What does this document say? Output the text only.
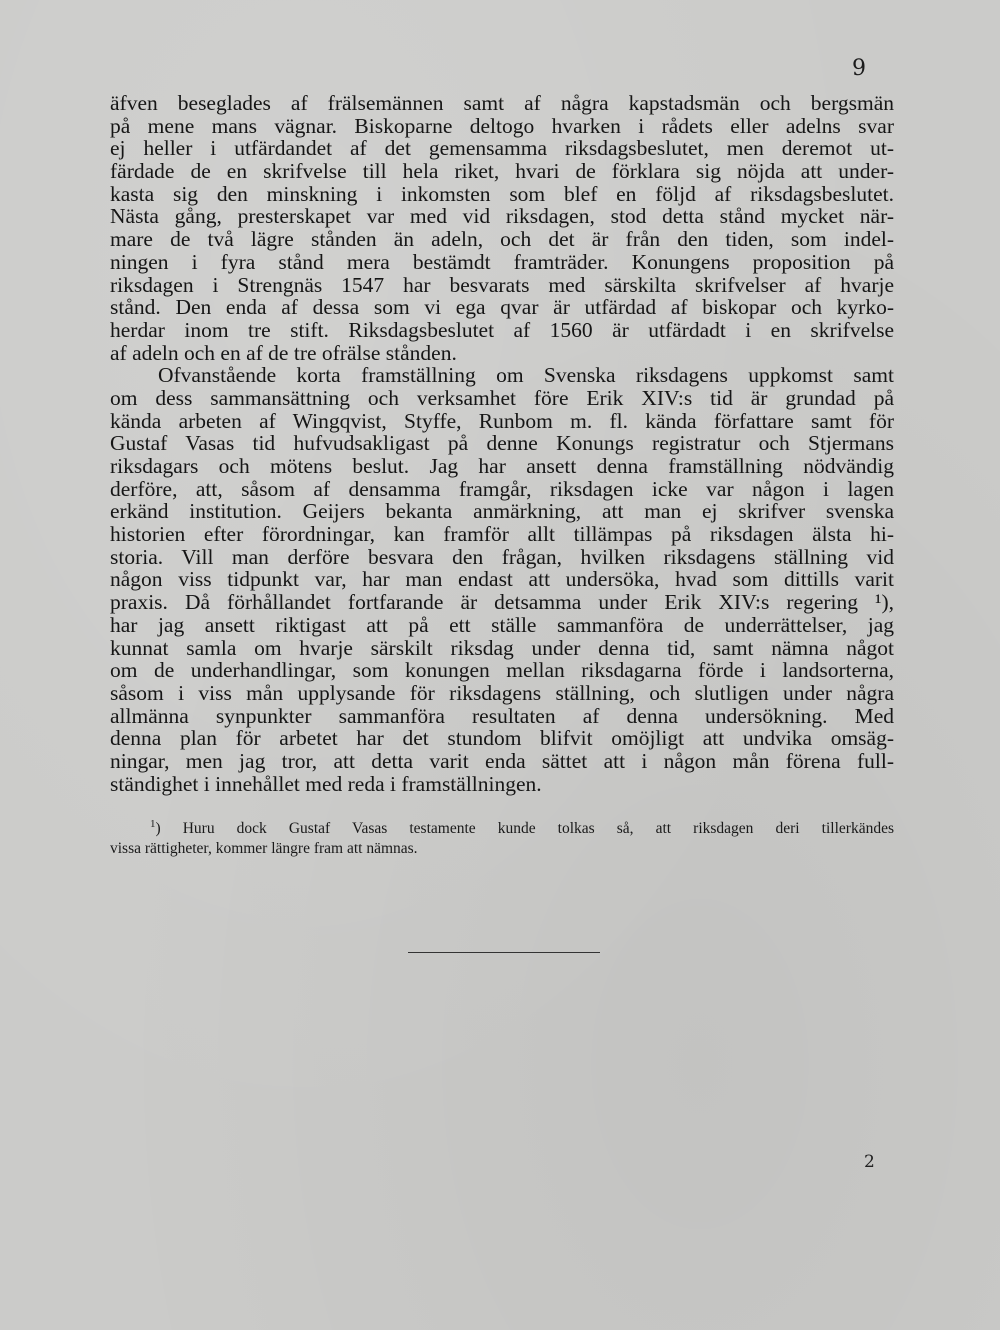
9
äfven beseglades af frälsemännen samt af några kapstadsmän och bergsmän
på mene mans vägnar. Biskoparne deltogo hvarken i rådets eller adelns svar
ej heller i utfärdandet af det gemensamma riksdagsbeslutet, men deremot ut-
färdade de en skrifvelse till hela riket, hvari de förklara sig nöjda att under-
kasta sig den minskning i inkomsten som blef en följd af riksdagsbeslutet.
Nästa gång, presterskapet var med vid riksdagen, stod detta stånd mycket när-
mare de två lägre stånden än adeln, och det är från den tiden, som indel-
ningen i fyra stånd mera bestämdt framträder. Konungens proposition på
riksdagen i Strengnäs 1547 har besvarats med särskilta skrifvelser af hvarje
stånd. Den enda af dessa som vi ega qvar är utfärdad af biskopar och kyrko-
herdar inom tre stift. Riksdagsbeslutet af 1560 är utfärdadt i en skrifvelse
af adeln och en af de tre ofrälse stånden.
Ofvanstående korta framställning om Svenska riksdagens uppkomst samt
om dess sammansättning och verksamhet före Erik XIV:s tid är grundad på
kända arbeten af Wingqvist, Styffe, Runbom m. fl. kända författare samt för
Gustaf Vasas tid hufvudsakligast på denne Konungs registratur och Stjermans
riksdagars och mötens beslut. Jag har ansett denna framställning nödvändig
derföre, att, såsom af densamma framgår, riksdagen icke var någon i lagen
erkänd institution. Geijers bekanta anmärkning, att man ej skrifver svenska
historien efter förordningar, kan framför allt tillämpas på riksdagen älsta hi-
storia. Vill man derföre besvara den frågan, hvilken riksdagens ställning vid
någon viss tidpunkt var, har man endast att undersöka, hvad som dittills varit
praxis. Då förhållandet fortfarande är detsamma under Erik XIV:s regering ¹),
har jag ansett riktigast att på ett ställe sammanföra de underrättelser, jag
kunnat samla om hvarje särskilt riksdag under denna tid, samt nämna något
om de underhandlingar, som konungen mellan riksdagarna förde i landsorterna,
såsom i viss mån upplysande för riksdagens ställning, och slutligen under några
allmänna synpunkter sammanföra resultaten af denna undersökning. Med
denna plan för arbetet har det stundom blifvit omöjligt att undvika omsäg-
ningar, men jag tror, att detta varit enda sättet att i någon mån förena full-
ständighet i innehållet med reda i framställningen.
$^1$) Huru dock Gustaf Vasas testamente kunde tolkas så, att riksdagen deri tillerkändes
vissa rättigheter, kommer längre fram att nämnas.
2
